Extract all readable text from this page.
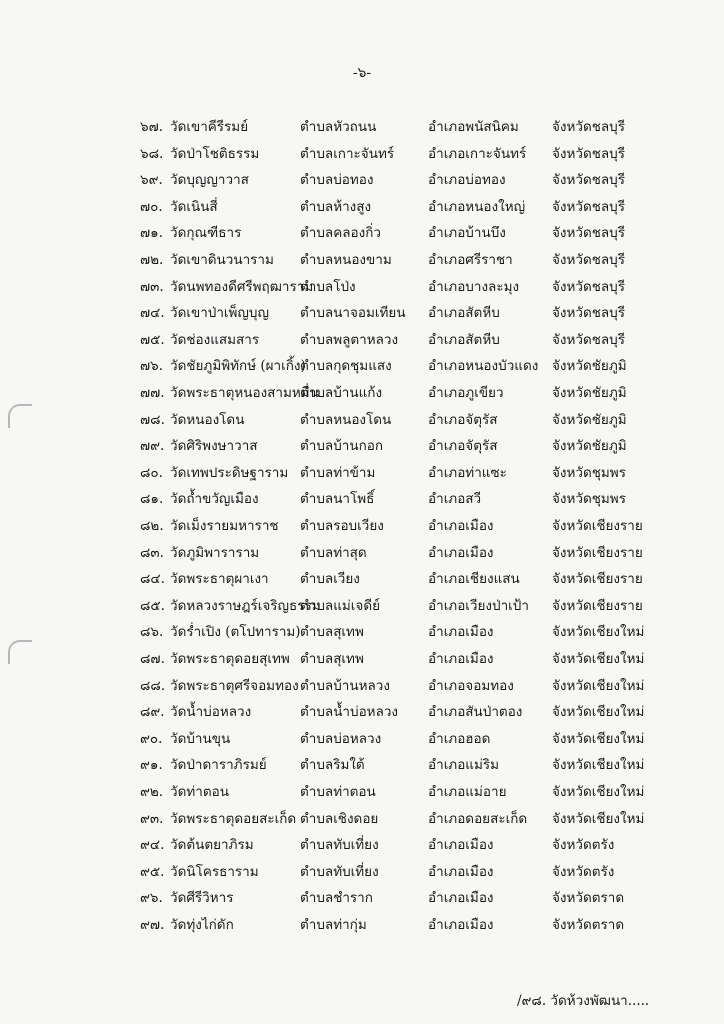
-๖-
๖๗. วัดเขาคีรีรมย์	ตำบลหัวถนน	อำเภอพนัสนิคม จังหวัดชลบุรี
๖๘. วัดป่าโชติธรรม	ตำบลเกาะจันทร์	อำเภอเกาะจันทร์ จังหวัดชลบุรี
๖๙. วัดบุญญาวาส	ตำบลบ่อทอง	อำเภอบ่อทอง	จังหวัดชลบุรี
๗๐. วัดเนินสี่	ตำบลห้างสูง	อำเภอหนองใหญ่ จังหวัดชลบุรี
๗๑. วัดกุณฑีธาร	ตำบลคลองกิ่ว	อำเภอบ้านบึง	จังหวัดชลบุรี
๗๒. วัดเขาดินวนาราม ตำบลหนองขาม	อำเภอศรีราชา	จังหวัดชลบุรี
๗๓. วัดนพทองดีศรีพฤฒาราม
ตำบลโป่ง	อำเภอบางละมุง จังหวัดชลบุรี
๗๔. วัดเขาป่าเพ็ญบุญ ตำบลนาจอมเทียน อำเภอสัตหีบ	จังหวัดชลบุรี
๗๕. วัดช่องแสมสาร	ตำบลพลูตาหลวง อำเภอสัตหีบ	จังหวัดชลบุรี
๗๖. วัดชัยภูมิพิทักษ์ (ผาเกิ้ง)
ตำบลกุดชุมแสง	อำเภอหนองบัวแดง จังหวัดชัยภูมิ
๗๗. วัดพระธาตุหนองสามหมื่น
ตำบลบ้านแก้ง	อำเภอภูเขียว	จังหวัดชัยภูมิ
๗๘. วัดหนองโดน	ตำบลหนองโดน	อำเภอจัตุรัส	จังหวัดชัยภูมิ
๗๙. วัดศิริพงษาวาส	ตำบลบ้านกอก	อำเภอจัตุรัส	จังหวัดชัยภูมิ
๘๐. วัดเทพประดิษฐาราม ตำบลท่าข้าม	อำเภอท่าแซะ	จังหวัดชุมพร
๘๑. วัดถ้ำขวัญเมือง	ตำบลนาโพธิ์	อำเภอสวี	จังหวัดชุมพร
๘๒. วัดเม็งรายมหาราช ตำบลรอบเวียง	อำเภอเมือง	จังหวัดเชียงราย
๘๓. วัดภูมิพาราราม	ตำบลท่าสุด	อำเภอเมือง	จังหวัดเชียงราย
๘๔. วัดพระธาตุผาเงา ตำบลเวียง	อำเภอเชียงแสน จังหวัดเชียงราย
๘๕. วัดหลวงราษฎร์เจริญธรรม
ตำบลแม่เจดีย์	อำเภอเวียงป่าเป้า จังหวัดเชียงราย
๘๖. วัดร่ำเปิง (ตโปทาราม) ตำบลสุเทพ	อำเภอเมือง	จังหวัดเชียงใหม่
๘๗. วัดพระธาตุดอยสุเทพ ตำบลสุเทพ	อำเภอเมือง	จังหวัดเชียงใหม่
๘๘. วัดพระธาตุศรีจอมทอง ตำบลบ้านหลวง	อำเภอจอมทอง	จังหวัดเชียงใหม่
๘๙. วัดน้ำบ่อหลวง	ตำบลน้ำบ่อหลวง อำเภอสันป่าตอง จังหวัดเชียงใหม่
๙๐. วัดบ้านขุน	ตำบลบ่อหลวง	อำเภอฮอด	จังหวัดเชียงใหม่
๙๑. วัดป่าดาราภิรมย์ ตำบลริมใต้	อำเภอแม่ริม	จังหวัดเชียงใหม่
๙๒. วัดท่าตอน	ตำบลท่าตอน	อำเภอแม่อาย	จังหวัดเชียงใหม่
๙๓. วัดพระธาตุดอยสะเก็ด ตำบลเชิงดอย	อำเภอดอยสะเก็ด จังหวัดเชียงใหม่
๙๔. วัดต้นตยาภิรม	ตำบลทับเที่ยง	อำเภอเมือง	จังหวัดตรัง
๙๕. วัดนิโครธาราม	ตำบลทับเที่ยง	อำเภอเมือง	จังหวัดตรัง
๙๖. วัดศีรีวิหาร	ตำบลชำราก	อำเภอเมือง	จังหวัดตราด
๙๗. วัดทุ่งไก่ดัก	ตำบลท่ากุ่ม	อำเภอเมือง	จังหวัดตราด
/๙๘. วัดห้วงพัฒนา.....
